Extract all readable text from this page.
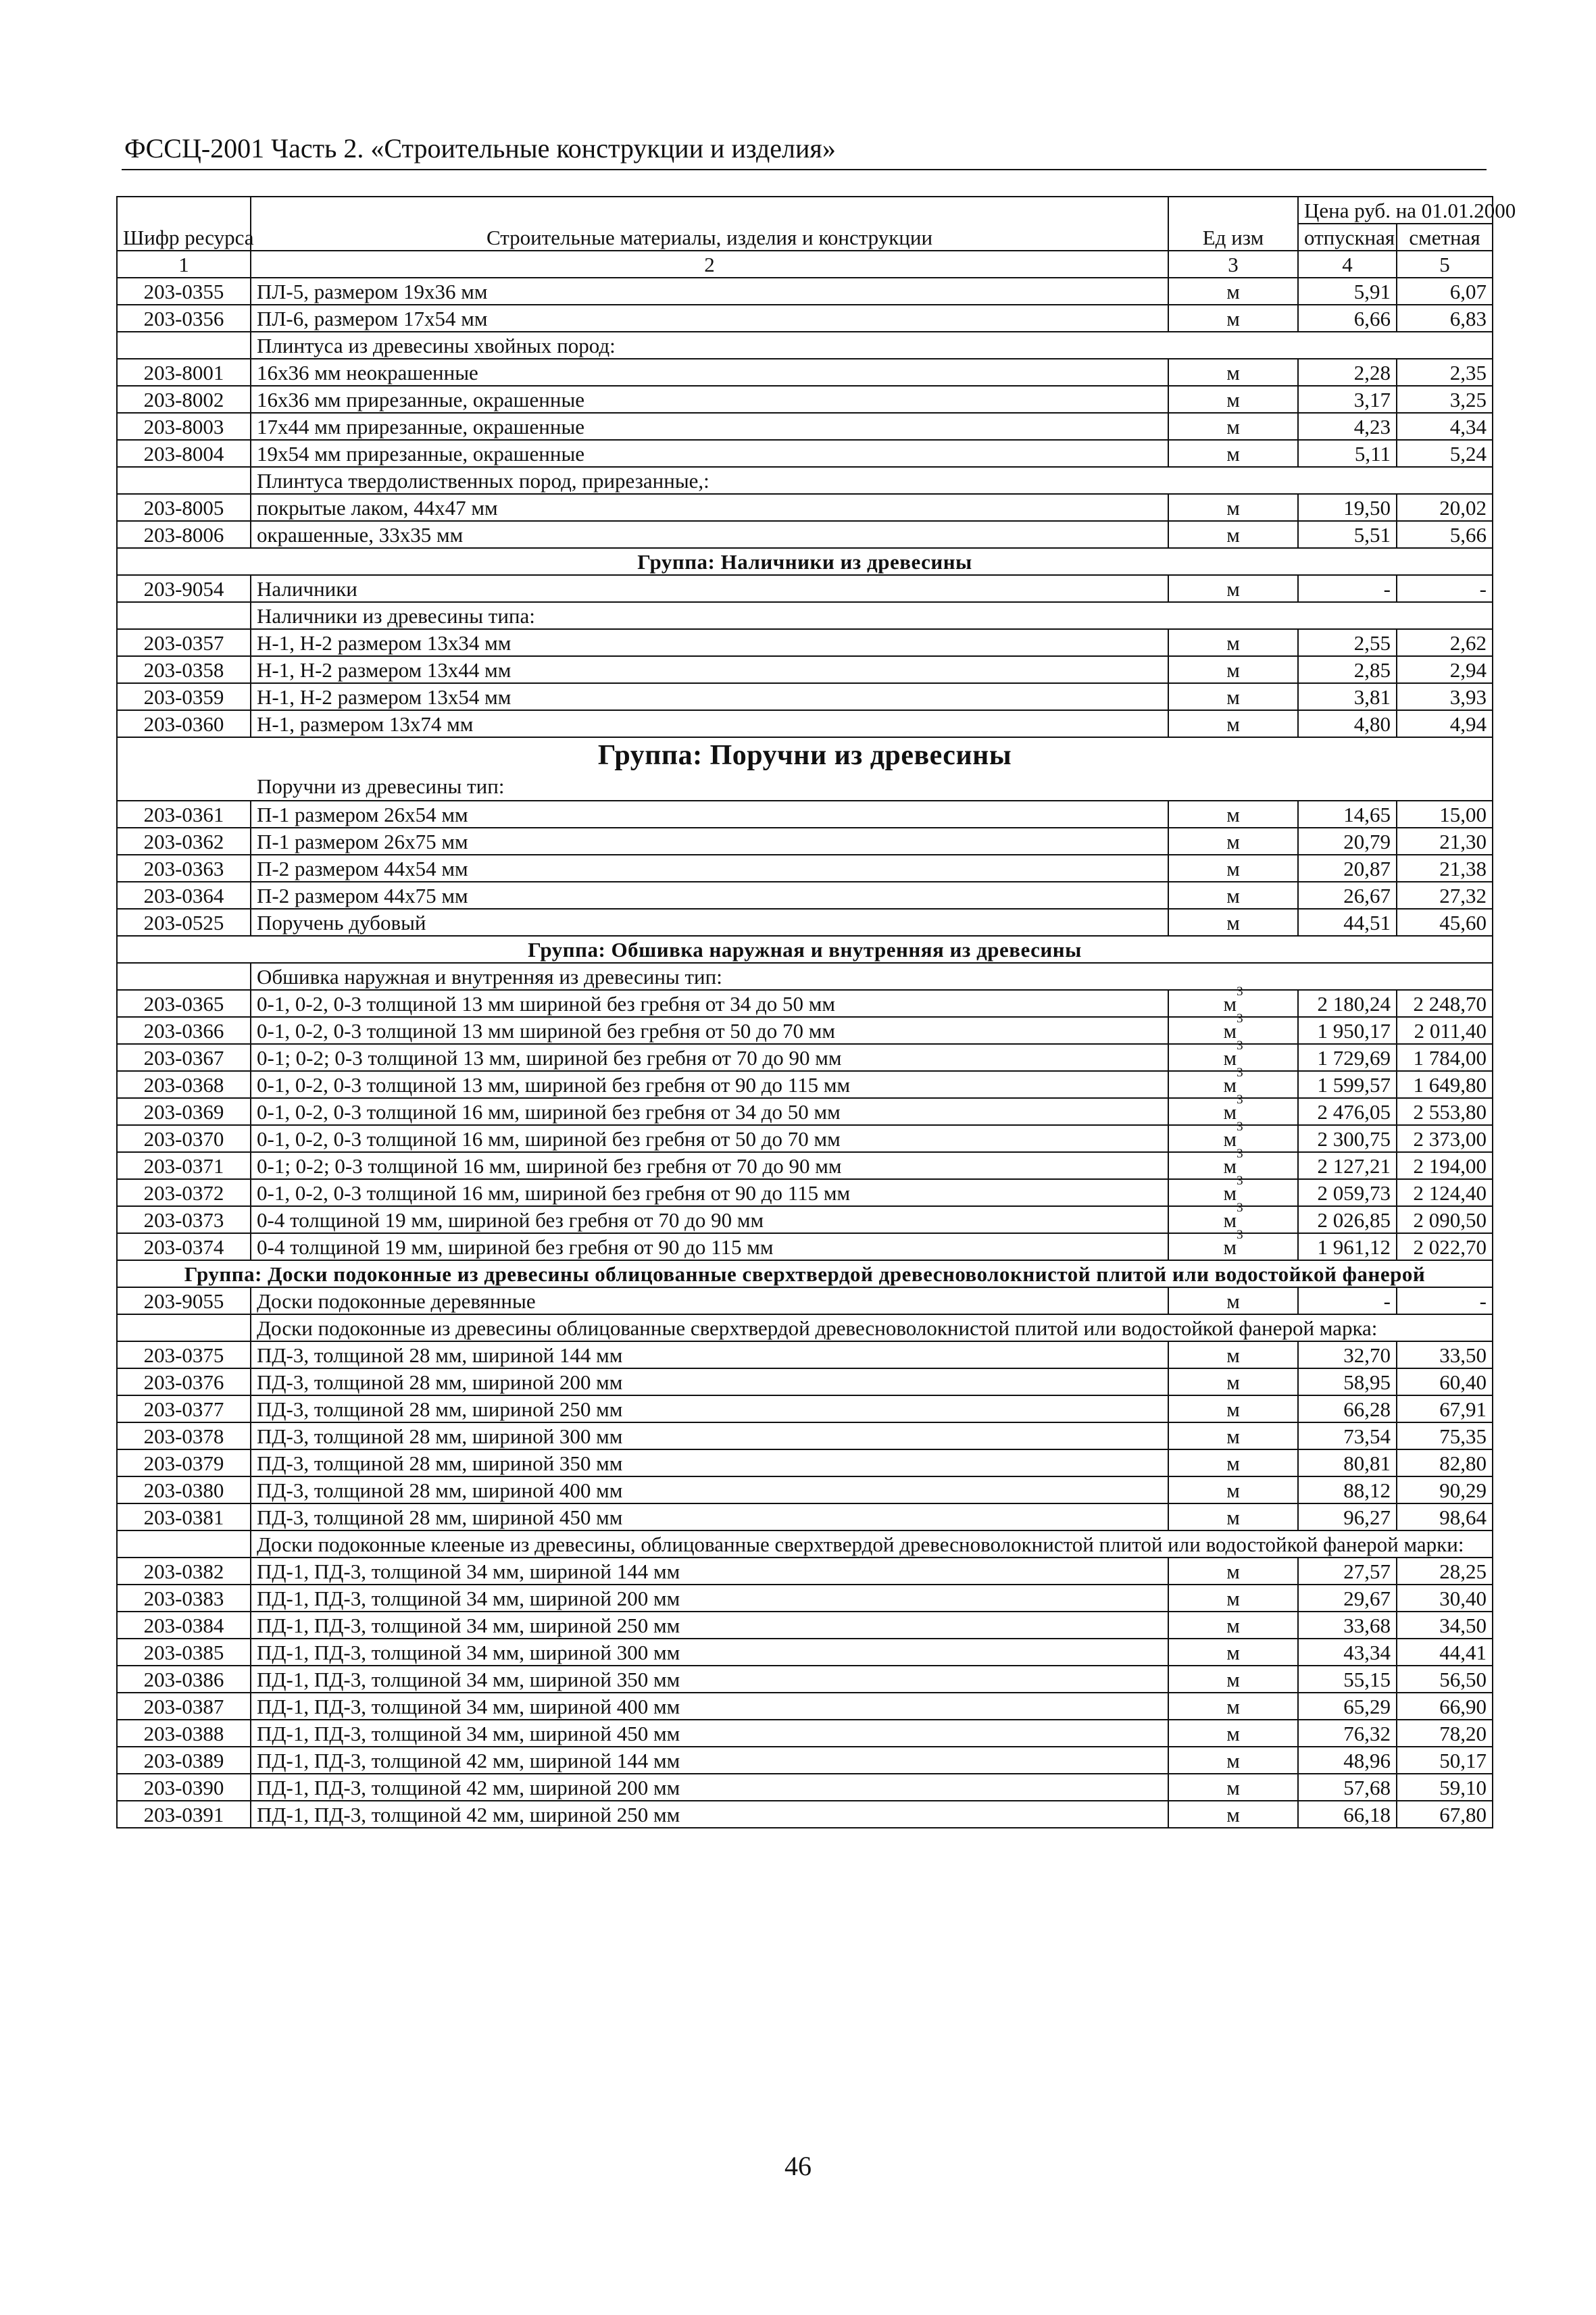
ФССЦ-2001 Часть 2. «Строительные конструкции и изделия»
Шифр ресурса	Строительные материалы, изделия и конструкции	Ед изм	Цена руб. на 01.01.2000	
			отпускная	сметная
1	2	3	4	5
203-0355	ПЛ-5, размером 19х36 мм	м	5,91	6,07
203-0356	ПЛ-6, размером 17х54 мм	м	6,66	6,83
	Плинтуса из древесины хвойных пород:			
203-8001	16х36 мм неокрашенные	м	2,28	2,35
203-8002	16х36 мм прирезанные, окрашенные	м	3,17	3,25
203-8003	17х44 мм прирезанные, окрашенные	м	4,23	4,34
203-8004	19х54 мм прирезанные, окрашенные	м	5,11	5,24
	Плинтуса твердолиственных пород, прирезанные,:			
203-8005	покрытые лаком, 44х47 мм	м	19,50	20,02
203-8006	окрашенные, 33х35 мм	м	5,51	5,66
Группа: Наличники из древесины				
203-9054	Наличники	м	-	-
	Наличники из древесины типа:			
203-0357	Н-1, Н-2 размером 13х34 мм	м	2,55	2,62
203-0358	Н-1, Н-2 размером 13х44 мм	м	2,85	2,94
203-0359	Н-1, Н-2 размером 13х54 мм	м	3,81	3,93
203-0360	Н-1, размером 13х74 мм	м	4,80	4,94

Группа: Поручни из древесины
Поручни из древесины тип:				

203-0361	П-1 размером 26х54 мм	м	14,65	15,00
203-0362	П-1 размером 26х75 мм	м	20,79	21,30
203-0363	П-2 размером 44х54 мм	м	20,87	21,38
203-0364	П-2 размером 44х75 мм	м	26,67	27,32
203-0525	Поручень дубовый	м	44,51	45,60
Группа: Обшивка наружная и внутренняя из древесины				
	Обшивка наружная и внутренняя из древесины тип:			
203-0365	0-1, 0-2, 0-3 толщиной 13 мм шириной без гребня от 34 до 50 мм	$м^3$	2 180,24	2 248,70
203-0366	0-1, 0-2, 0-3 толщиной 13 мм шириной без гребня от 50 до 70 мм	$м^3$	1 950,17	2 011,40
203-0367	0-1; 0-2; 0-3 толщиной 13 мм, шириной без гребня от 70 до 90 мм	$м^3$	1 729,69	1 784,00
203-0368	0-1, 0-2, 0-3 толщиной 13 мм, шириной без гребня от 90 до 115 мм	$м^3$	1 599,57	1 649,80
203-0369	0-1, 0-2, 0-3 толщиной 16 мм, шириной без гребня от 34 до 50 мм	$м^3$	2 476,05	2 553,80
203-0370	0-1, 0-2, 0-3 толщиной 16 мм, шириной без гребня от 50 до 70 мм	$м^3$	2 300,75	2 373,00
203-0371	0-1; 0-2; 0-3 толщиной 16 мм, шириной без гребня от 70 до 90 мм	$м^3$	2 127,21	2 194,00
203-0372	0-1, 0-2, 0-3 толщиной 16 мм, шириной без гребня от 90 до 115 мм	$м^3$	2 059,73	2 124,40
203-0373	0-4 толщиной 19 мм, шириной без гребня от 70 до 90 мм	$м^3$	2 026,85	2 090,50
203-0374	0-4 толщиной 19 мм, шириной без гребня от 90 до 115 мм	$м^3$	1 961,12	2 022,70
Группа: Доски подоконные из древесины облицованные сверхтвердой древесноволокнистой плитой или водостойкой фанерой				
203-9055	Доски подоконные деревянные	м	-	-
	Доски подоконные из древесины облицованные сверхтвердой древесноволокнистой плитой или водостойкой фанерой марка:			
203-0375	ПД-3, толщиной 28 мм, шириной 144 мм	м	32,70	33,50
203-0376	ПД-3, толщиной 28 мм, шириной 200 мм	м	58,95	60,40
203-0377	ПД-3, толщиной 28 мм, шириной 250 мм	м	66,28	67,91
203-0378	ПД-3, толщиной 28 мм, шириной 300 мм	м	73,54	75,35
203-0379	ПД-3, толщиной 28 мм, шириной 350 мм	м	80,81	82,80
203-0380	ПД-3, толщиной 28 мм, шириной 400 мм	м	88,12	90,29
203-0381	ПД-3, толщиной 28 мм, шириной 450 мм	м	96,27	98,64
	Доски подоконные клееные из древесины, облицованные сверхтвердой древесноволокнистой плитой или водостойкой фанерой марки:			
203-0382	ПД-1, ПД-3, толщиной 34 мм, шириной 144 мм	м	27,57	28,25
203-0383	ПД-1, ПД-3, толщиной 34 мм, шириной 200 мм	м	29,67	30,40
203-0384	ПД-1, ПД-3, толщиной 34 мм, шириной 250 мм	м	33,68	34,50
203-0385	ПД-1, ПД-3, толщиной 34 мм, шириной 300 мм	м	43,34	44,41
203-0386	ПД-1, ПД-3, толщиной 34 мм, шириной 350 мм	м	55,15	56,50
203-0387	ПД-1, ПД-3, толщиной 34 мм, шириной 400 мм	м	65,29	66,90
203-0388	ПД-1, ПД-3, толщиной 34 мм, шириной 450 мм	м	76,32	78,20
203-0389	ПД-1, ПД-3, толщиной 42 мм, шириной 144 мм	м	48,96	50,17
203-0390	ПД-1, ПД-3, толщиной 42 мм, шириной 200 мм	м	57,68	59,10
203-0391	ПД-1, ПД-3, толщиной 42 мм, шириной 250 мм	м	66,18	67,80
46
